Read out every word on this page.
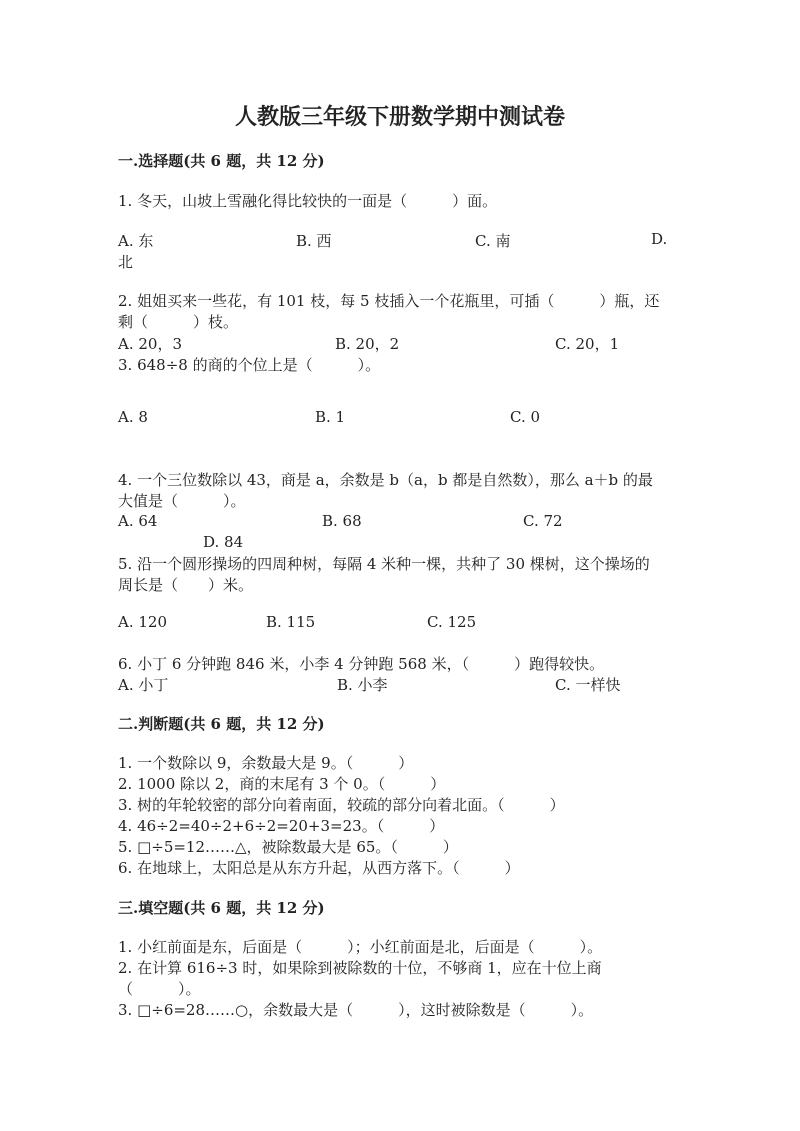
人教版三年级下册数学期中测试卷
一.选择题(共 6 题，共 12 分)
1. 冬天，山坡上雪融化得比较快的一面是（　　　）面。
A. 东	B. 西	C. 南	D.
北
2. 姐姐买来一些花，有 101 枝，每 5 枝插入一个花瓶里，可插（　　　）瓶，还
剩（　　　）枝。
A. 20，3	B. 20，2	C. 20，1
3. 648÷8 的商的个位上是（　　　）。
A. 8	B. 1	C. 0
4. 一个三位数除以 43，商是 a，余数是 b（a，b 都是自然数），那么 a＋b 的最
大值是（　　　）。
A. 64	B. 68	C. 72
D. 84
5. 沿一个圆形操场的四周种树，每隔 4 米种一棵，共种了 30 棵树，这个操场的
周长是（　　）米。
A. 120	B. 115	C. 125
6. 小丁 6 分钟跑 846 米，小李 4 分钟跑 568 米，（　　　）跑得较快。
A. 小丁	B. 小李	C. 一样快
二.判断题(共 6 题，共 12 分)
1. 一个数除以 9，余数最大是 9。（　　　）
2. 1000 除以 2，商的末尾有 3 个 0。（　　　）
3. 树的年轮较密的部分向着南面，较疏的部分向着北面。（　　　）
4. 46÷2=40÷2+6÷2=20+3=23。（　　　）
5. □÷5=12……△，被除数最大是 65。（　　　）
6. 在地球上，太阳总是从东方升起，从西方落下。（　　　）
三.填空题(共 6 题，共 12 分)
1. 小红前面是东，后面是（　　　）；小红前面是北，后面是（　　　）。
2. 在计算 616÷3 时，如果除到被除数的十位，不够商 1，应在十位上商
（　　　）。
3. □÷6=28……○，余数最大是（　　　），这时被除数是（　　　）。
